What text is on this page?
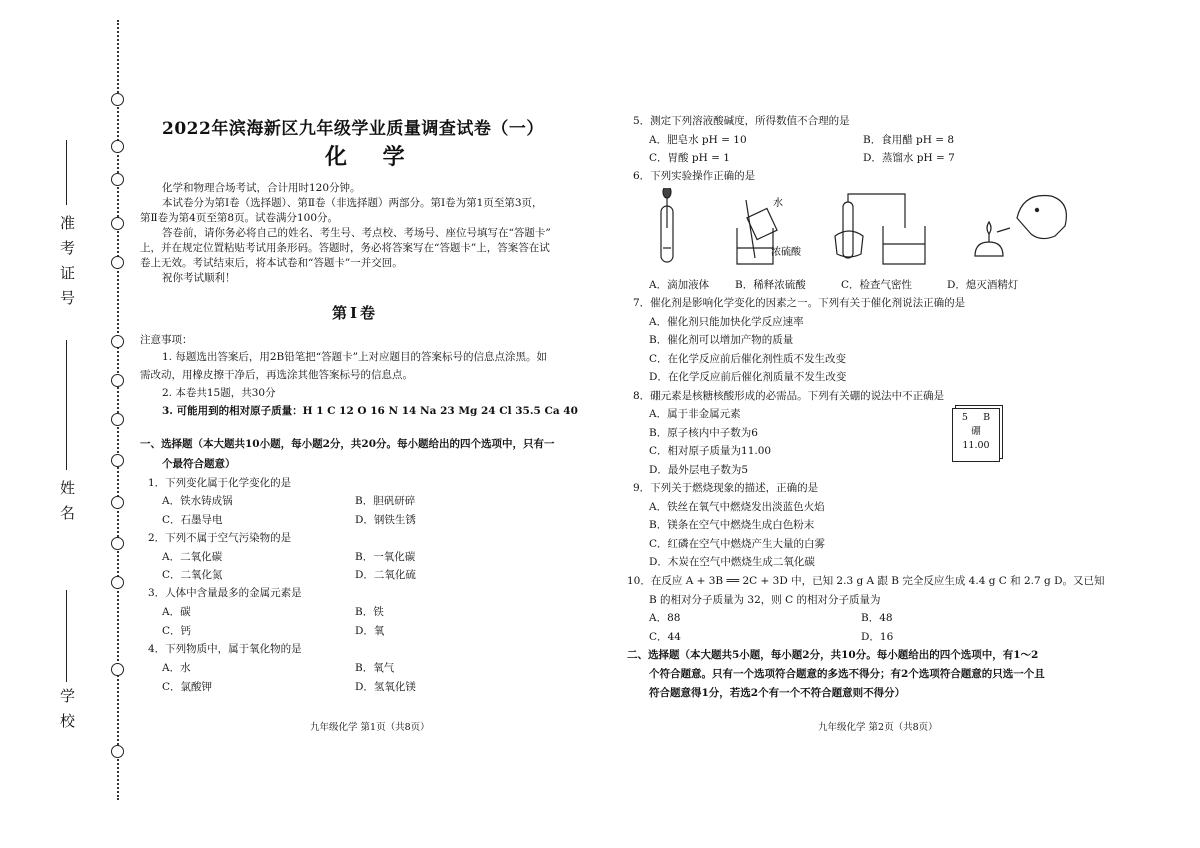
学校
姓名
准考证号
2022年滨海新区九年级学业质量调查试卷（一）
化 学
化学和物理合场考试，合计用时120分钟。
本试卷分为第Ⅰ卷（选择题）、第Ⅱ卷（非选择题）两部分。第Ⅰ卷为第1页至第3页，
第Ⅱ卷为第4页至第8页。试卷满分100分。
答卷前，请你务必将自己的姓名、考生号、考点校、考场号、座位号填写在“答题卡”
上，并在规定位置粘贴考试用条形码。答题时，务必将答案写在“答题卡”上，答案答在试
卷上无效。考试结束后，将本试卷和“答题卡”一并交回。
祝你考试顺利！
第Ⅰ卷
注意事项：
1. 每题选出答案后，用2B铅笔把“答题卡”上对应题目的答案标号的信息点涂黑。如
需改动，用橡皮擦干净后，再选涂其他答案标号的信息点。
2. 本卷共15题，共30分
3. 可能用到的相对原子质量：H 1 C 12 O 16 N 14 Na 23 Mg 24 Cl 35.5 Ca 40
一、选择题（本大题共10小题，每小题2分，共20分。每小题给出的四个选项中，只有一
个最符合题意）
1．下列变化属于化学变化的是
A．铁水铸成锅	B．胆矾研碎
C．石墨导电	D．钢铁生锈
2．下列不属于空气污染物的是
A．二氧化碳	B．一氧化碳
C．二氧化氮	D．二氧化硫
3．人体中含量最多的金属元素是
A．碳	B．铁
C．钙	D．氧
4．下列物质中，属于氧化物的是
A．水	B．氧气
C．氯酸钾	D．氢氧化镁
九年级化学 第1页（共8页）
5．测定下列溶液酸碱度，所得数值不合理的是
A．肥皂水 pH = 10	B．食用醋 pH = 8
C．胃酸 pH = 1	D．蒸馏水 pH = 7
6．下列实验操作正确的是
水
浓硫酸
A．滴加液体 B．稀释浓硫酸	C．检查气密性	D．熄灭酒精灯
7．催化剂是影响化学变化的因素之一。下列有关于催化剂说法正确的是
A．催化剂只能加快化学反应速率
B．催化剂可以增加产物的质量
C．在化学反应前后催化剂性质不发生改变
D．在化学反应前后催化剂质量不发生改变
8．硼元素是核糖核酸形成的必需品。下列有关硼的说法中不正确是
A．属于非金属元素
B．原子核内中子数为6
C．相对原子质量为11.00
D．最外层电子数为5
5 B
硼
11.00
9．下列关于燃烧现象的描述，正确的是
A．铁丝在氧气中燃烧发出淡蓝色火焰
B．镁条在空气中燃烧生成白色粉末
C．红磷在空气中燃烧产生大量的白雾
D．木炭在空气中燃烧生成二氧化碳
10．在反应 A + 3B ══ 2C + 3D 中，已知 2.3 g A 跟 B 完全反应生成 4.4 g C 和 2.7 g D。又已知
B 的相对分子质量为 32，则 C 的相对分子质量为
A．88	B．48
C．44	D．16
二、选择题（本大题共5小题，每小题2分，共10分。每小题给出的四个选项中，有1～2
个符合题意。只有一个选项符合题意的多选不得分；有2个选项符合题意的只选一个且
符合题意得1分，若选2个有一个不符合题意则不得分）
九年级化学 第2页（共8页）
